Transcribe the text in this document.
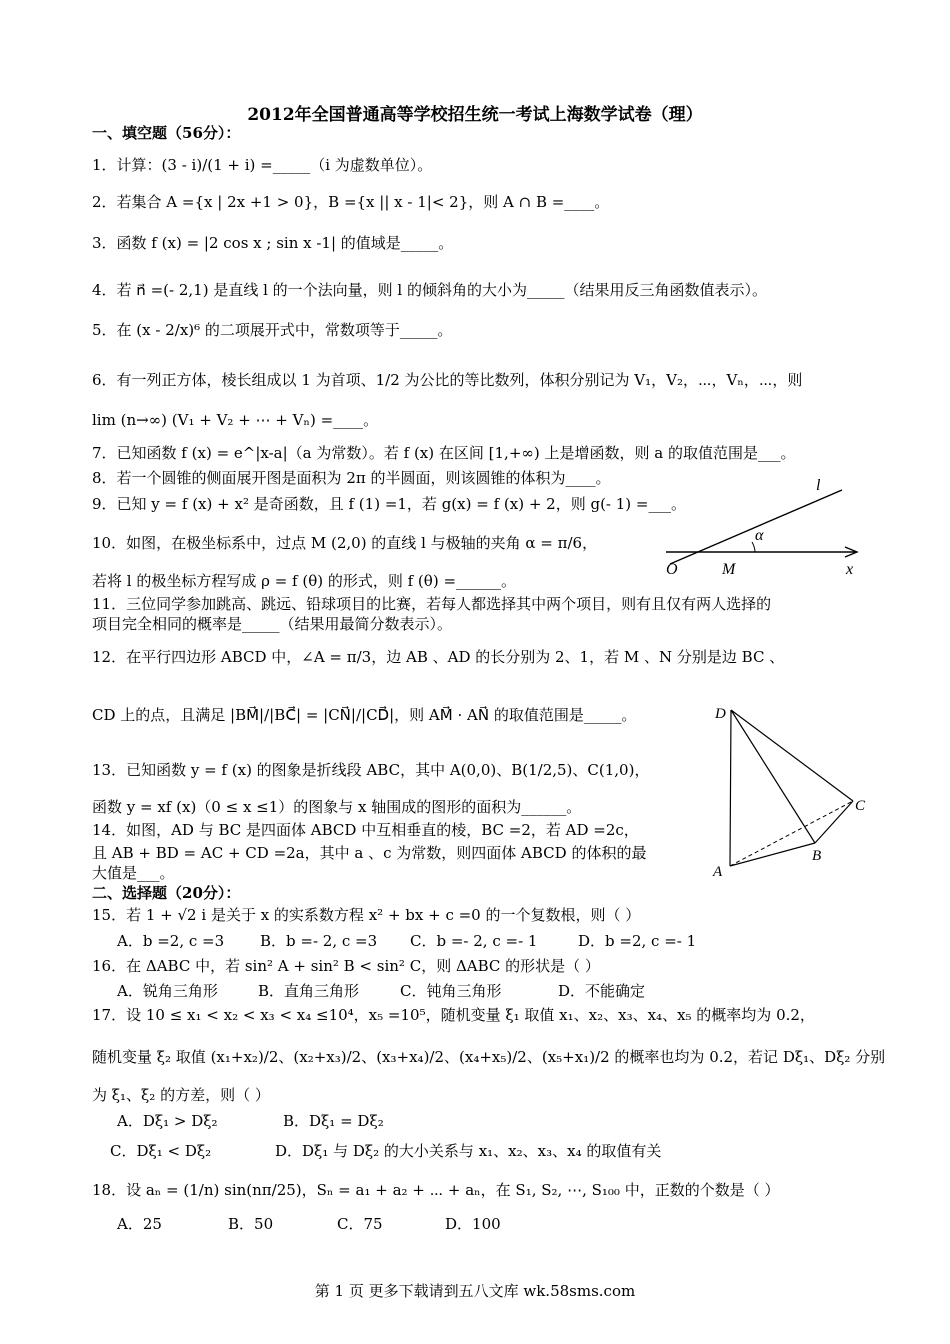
2012年全国普通高等学校招生统一考试上海数学试卷（理）
一、填空题（56分）：
1．计算：(3 - i)/(1 + i) =_____（i 为虚数单位）。
2．若集合 A ={x | 2x +1 > 0}，B ={x || x - 1|< 2}，则 A ∩ B =____。
3．函数 f (x) = |2 cos x ; sin x -1| 的值域是_____。
4．若 n⃗ =(- 2,1) 是直线 l 的一个法向量，则 l 的倾斜角的大小为_____（结果用反三角函数值表示）。
5．在 (x - 2/x)⁶ 的二项展开式中，常数项等于_____。
6．有一列正方体，棱长组成以 1 为首项、1/2 为公比的等比数列，体积分别记为 V₁，V₂，⋯，Vₙ，⋯，则
lim (n→∞) (V₁ + V₂ + ⋯ + Vₙ) =____。
7．已知函数 f (x) = e^|x-a|（a 为常数）。若 f (x) 在区间 [1,+∞) 上是增函数，则 a 的取值范围是___。
8．若一个圆锥的侧面展开图是面积为 2π 的半圆面，则该圆锥的体积为____。
9．已知 y = f (x) + x² 是奇函数，且 f (1) =1，若 g(x) = f (x) + 2，则 g(- 1) =___。
10．如图，在极坐标系中，过点 M (2,0) 的直线 l 与极轴的夹角 α = π/6，
若将 l 的极坐标方程写成 ρ = f (θ) 的形式，则 f (θ) =______。
11．三位同学参加跳高、跳远、铅球项目的比赛，若每人都选择其中两个项目，则有且仅有两人选择的
项目完全相同的概率是_____（结果用最简分数表示）。
12．在平行四边形 ABCD 中，∠A = π/3，边 AB 、AD 的长分别为 2、1，若 M 、N 分别是边 BC 、
CD 上的点，且满足 |BM⃗|/|BC⃗| = |CN⃗|/|CD⃗|，则 AM⃗ · AN⃗ 的取值范围是_____。
13．已知函数 y = f (x) 的图象是折线段 ABC，其中 A(0,0)、B(1/2,5)、C(1,0)，
函数 y = xf (x)（0 ≤ x ≤1）的图象与 x 轴围成的图形的面积为______。
14．如图，AD 与 BC 是四面体 ABCD 中互相垂直的棱，BC =2，若 AD =2c，
且 AB + BD = AC + CD =2a，其中 a 、c 为常数，则四面体 ABCD 的体积的最
大值是___。
二、选择题（20分）：
15．若 1 + √2 i 是关于 x 的实系数方程 x² + bx + c =0 的一个复数根，则（ ）
A．b =2, c =3 B．b =- 2, c =3 C．b =- 2, c =- 1	D．b =2, c =- 1
16．在 ΔABC 中，若 sin² A + sin² B < sin² C，则 ΔABC 的形状是（ ）
A．锐角三角形	B．直角三角形	C．钝角三角形	D．不能确定
17．设 10 ≤ x₁ < x₂ < x₃ < x₄ ≤10⁴，x₅ =10⁵，随机变量 ξ₁ 取值 x₁、x₂、x₃、x₄、x₅ 的概率均为 0.2，
随机变量 ξ₂ 取值 (x₁+x₂)/2、(x₂+x₃)/2、(x₃+x₄)/2、(x₄+x₅)/2、(x₅+x₁)/2 的概率也均为 0.2，若记 Dξ₁、Dξ₂ 分别
为 ξ₁、ξ₂ 的方差，则（ ）
A．Dξ₁ > Dξ₂	B．Dξ₁ = Dξ₂
C．Dξ₁ < Dξ₂	D．Dξ₁ 与 Dξ₂ 的大小关系与 x₁、x₂、x₃、x₄ 的取值有关
18．设 aₙ = (1/n) sin(nπ/25)，Sₙ = a₁ + a₂ + ⋯ + aₙ，在 S₁, S₂, ⋯, S₁₀₀ 中，正数的个数是（ ）
A．25	B．50	C．75	D．100
O	M	x
l
α
D
C
B
A
第 1 页 更多下载请到五八文库 wk.58sms.com
